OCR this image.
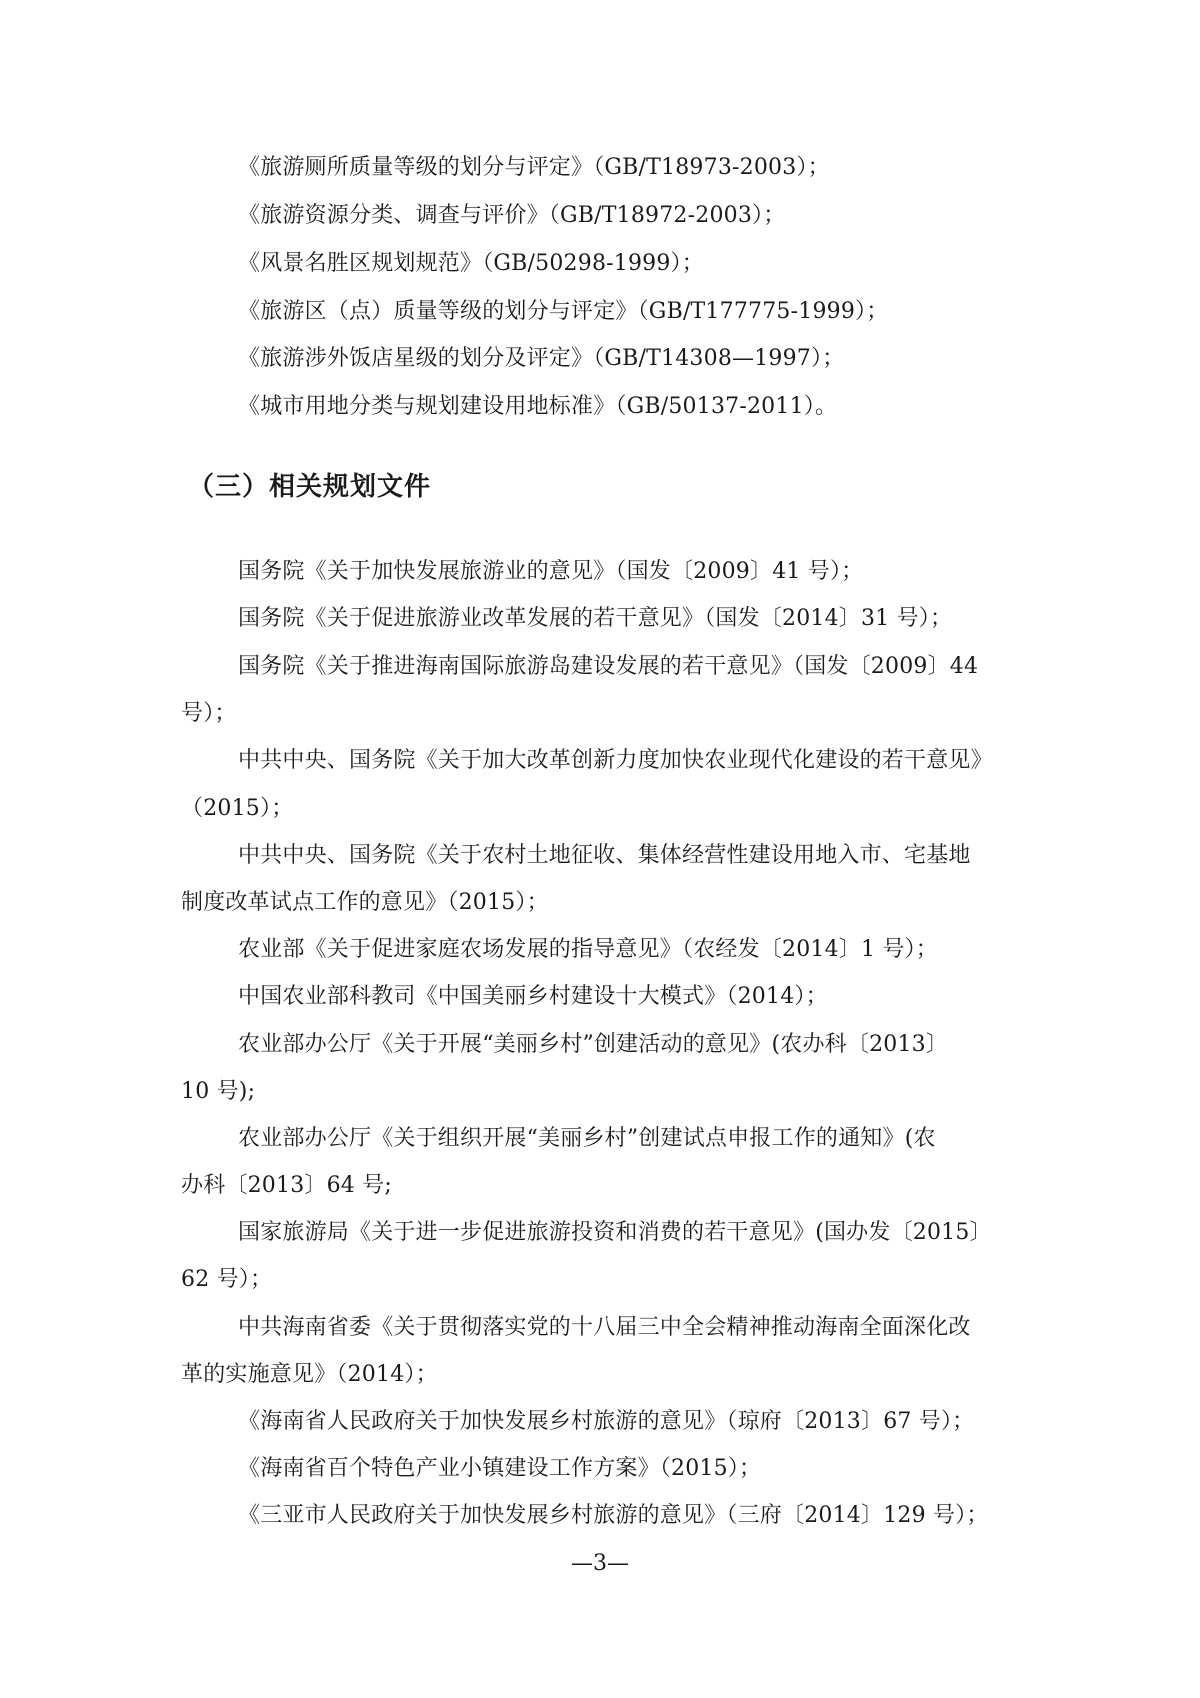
《旅游厕所质量等级的划分与评定》（GB/T18973-2003）；
《旅游资源分类、调查与评价》（GB/T18972-2003）；
《风景名胜区规划规范》（GB/50298-1999）；
《旅游区（点）质量等级的划分与评定》（GB/T177775-1999）；
《旅游涉外饭店星级的划分及评定》（GB/T14308—1997）；
《城市用地分类与规划建设用地标准》（GB/50137-2011）。
（三）相关规划文件
国务院《关于加快发展旅游业的意见》（国发〔2009〕41 号）；
国务院《关于促进旅游业改革发展的若干意见》（国发〔2014〕31 号）；
国务院《关于推进海南国际旅游岛建设发展的若干意见》（国发〔2009〕44
号）；
中共中央、国务院《关于加大改革创新力度加快农业现代化建设的若干意见》
（2015）；
中共中央、国务院《关于农村土地征收、集体经营性建设用地入市、宅基地
制度改革试点工作的意见》（2015）；
农业部《关于促进家庭农场发展的指导意见》（农经发〔2014〕1 号）；
中国农业部科教司《中国美丽乡村建设十大模式》（2014）；
农业部办公厅《关于开展“美丽乡村”创建活动的意见》(农办科〔2013〕
10 号);
农业部办公厅《关于组织开展“美丽乡村”创建试点申报工作的通知》(农
办科〔2013〕64 号;
国家旅游局《关于进一步促进旅游投资和消费的若干意见》(国办发〔2015〕
62 号）；
中共海南省委《关于贯彻落实党的十八届三中全会精神推动海南全面深化改
革的实施意见》（2014）；
《海南省人民政府关于加快发展乡村旅游的意见》（琼府〔2013〕67 号）；
《海南省百个特色产业小镇建设工作方案》（2015）；
《三亚市人民政府关于加快发展乡村旅游的意见》（三府〔2014〕129 号）；
—3—
